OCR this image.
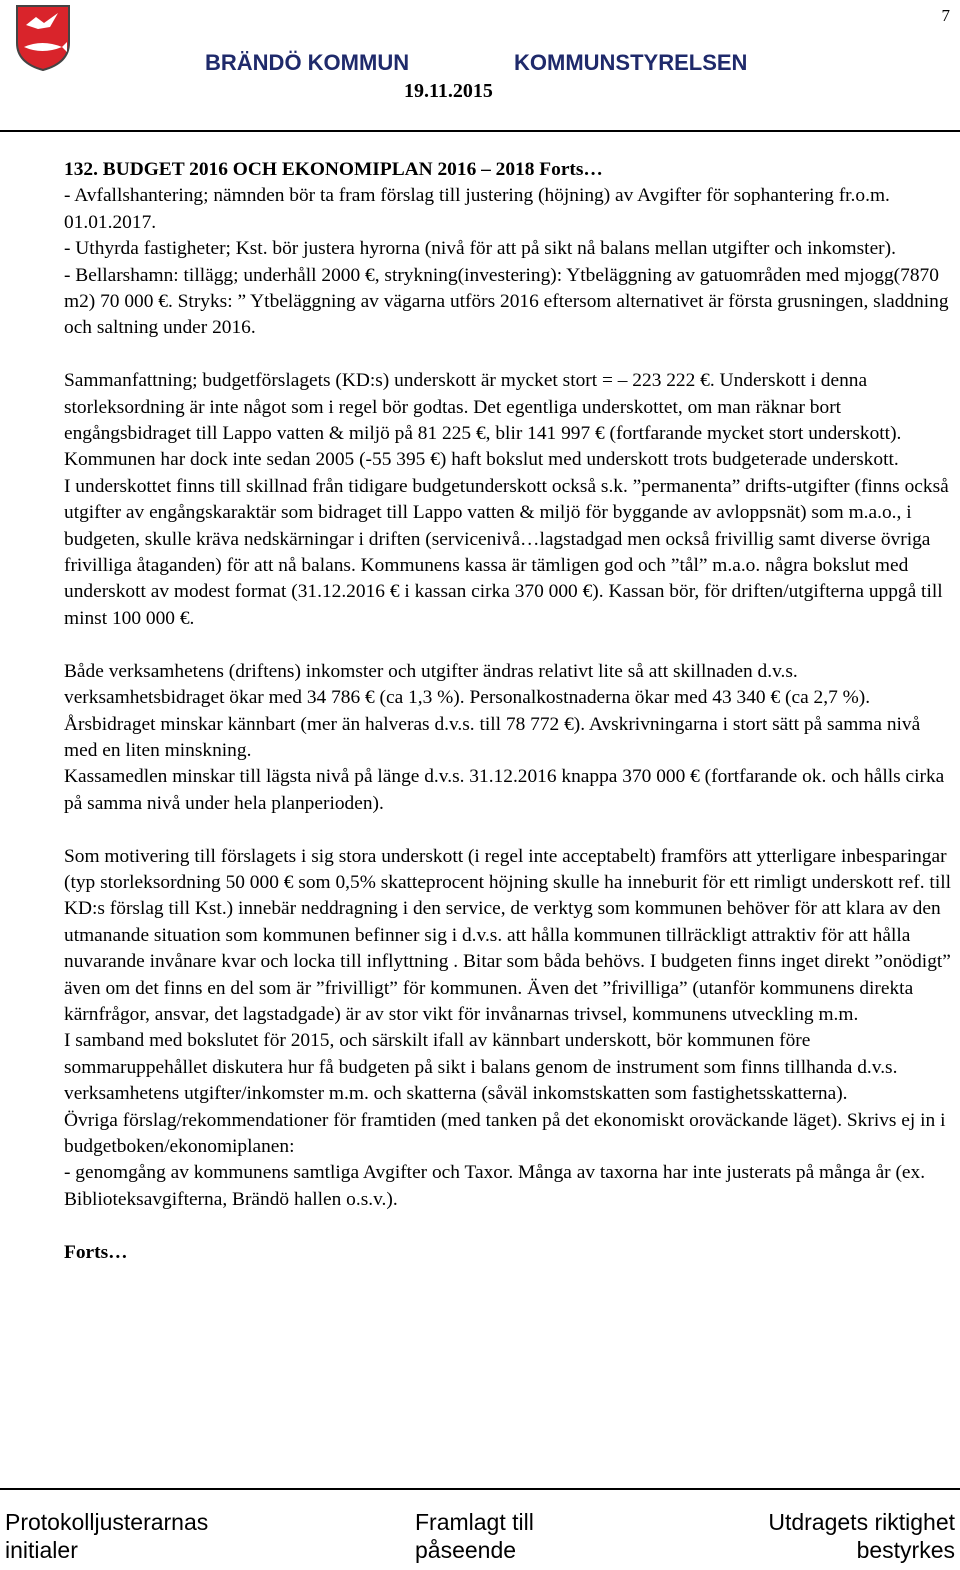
7
BRÄNDÖ KOMMUN	KOMMUNSTYRELSEN
19.11.2015

132. BUDGET 2016 OCH EKONOMIPLAN 2016 – 2018 Forts…

- Avfallshantering; nämnden bör ta fram förslag till justering (höjning) av Avgifter för sophantering fr.o.m. 01.01.2017.

- Uthyrda fastigheter; Kst. bör justera hyrorna (nivå för att på sikt nå balans mellan utgifter och inkomster).

- Bellarshamn: tillägg; underhåll 2000 €, strykning(investering): Ytbeläggning av gatuområden med mjogg(7870 m2) 70 000 €. Stryks: ” Ytbeläggning av vägarna utförs 2016 eftersom alternativet är första grusningen, sladdning och saltning under 2016.

Sammanfattning; budgetförslagets (KD:s) underskott är mycket stort = – 223 222 €. Underskott i denna storleksordning är inte något som i regel bör godtas. Det egentliga underskottet, om man räknar bort engångsbidraget till Lappo vatten & miljö på 81 225 €, blir 141 997 € (fortfarande mycket stort underskott).

Kommunen har dock inte sedan 2005 (-55 395 €) haft bokslut med underskott trots budgeterade underskott.

I underskottet finns till skillnad från tidigare budgetunderskott också s.k. ”permanenta” drifts-utgifter (finns också utgifter av engångskaraktär som bidraget till Lappo vatten & miljö för byggande av avloppsnät) som m.a.o., i budgeten, skulle kräva nedskärningar i driften (servicenivå…lagstadgad men också frivillig samt diverse övriga frivilliga åtaganden) för att nå balans. Kommunens kassa är tämligen god och ”tål” m.a.o. några bokslut med underskott av modest format (31.12.2016 € i kassan cirka 370 000 €). Kassan bör, för driften/utgifterna uppgå till minst 100 000 €.

Både verksamhetens (driftens) inkomster och utgifter ändras relativt lite så att skillnaden d.v.s. verksamhetsbidraget ökar med 34 786 € (ca 1,3 %). Personalkostnaderna ökar med 43 340 € (ca 2,7 %). Årsbidraget minskar kännbart (mer än halveras d.v.s. till 78 772 €). Avskrivningarna i stort sätt på samma nivå med en liten minskning.

Kassamedlen minskar till lägsta nivå på länge d.v.s. 31.12.2016 knappa 370 000 € (fortfarande ok. och hålls cirka på samma nivå under hela planperioden).

Som motivering till förslagets i sig stora underskott (i regel inte acceptabelt) framförs att ytterligare inbesparingar (typ storleksordning 50 000 € som 0,5% skatteprocent höjning skulle ha inneburit för ett rimligt underskott ref. till KD:s förslag till Kst.) innebär neddragning i den service, de verktyg som kommunen behöver för att klara av den utmanande situation som kommunen befinner sig i d.v.s. att hålla kommunen tillräckligt attraktiv för att hålla nuvarande invånare kvar och locka till inflyttning . Bitar som båda behövs. I budgeten finns inget direkt ”onödigt” även om det finns en del som är ”frivilligt” för kommunen. Även det ”frivilliga” (utanför kommunens direkta kärnfrågor, ansvar, det lagstadgade) är av stor vikt för invånarnas trivsel, kommunens utveckling m.m.

I samband med bokslutet för 2015, och särskilt ifall av kännbart underskott, bör kommunen före sommaruppehållet diskutera hur få budgeten på sikt i balans genom de instrument som finns tillhanda d.v.s. verksamhetens utgifter/inkomster m.m. och skatterna (såväl inkomstskatten som fastighetsskatterna).

Övriga förslag/rekommendationer för framtiden (med tanken på det ekonomiskt oroväckande läget). Skrivs ej in i budgetboken/ekonomiplanen:

- genomgång av kommunens samtliga Avgifter och Taxor. Många av taxorna har inte justerats på många år (ex. Biblioteksavgifterna, Brändö hallen o.s.v.).

Forts…

Protokolljusterarnas
initialer
Framlagt till
påseende
Utdragets riktighet
bestyrkes
